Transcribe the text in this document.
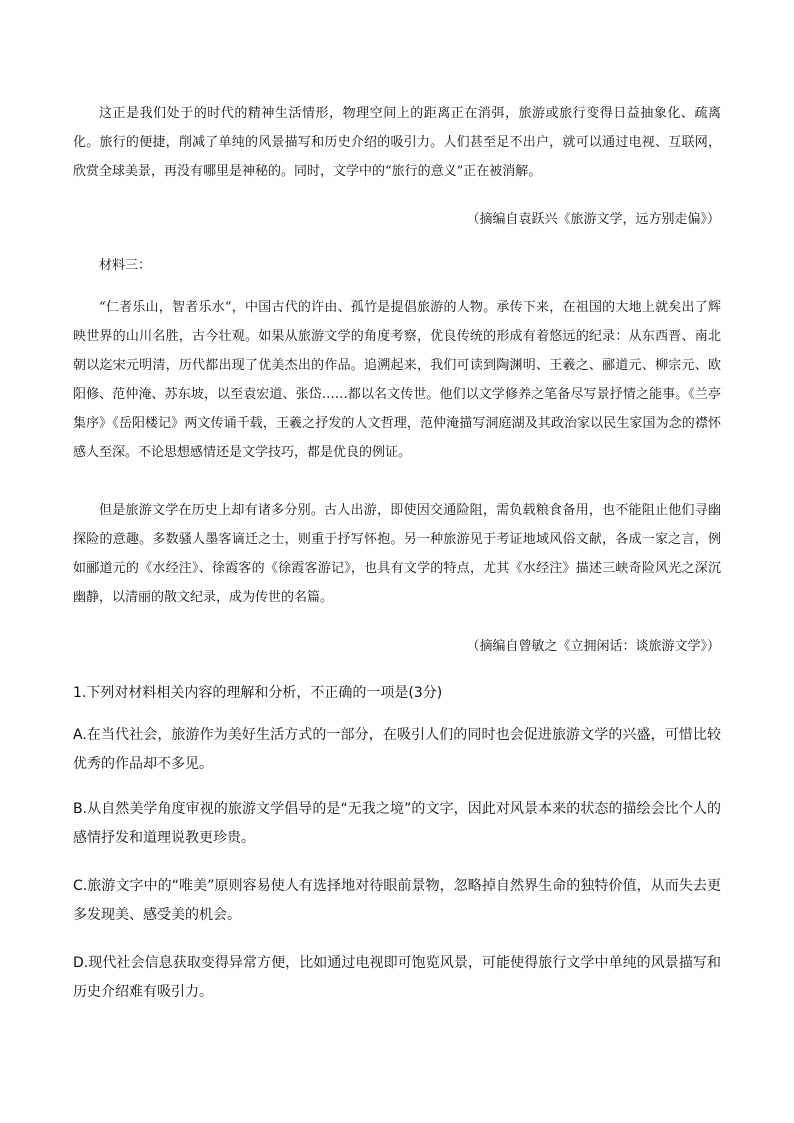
这正是我们处于的时代的精神生活情形，物理空间上的距离正在消弭，旅游或旅行变得日益抽象化、疏离化。旅行的便捷，削减了单纯的风景描写和历史介绍的吸引力。人们甚至足不出户，就可以通过电视、互联网，欣赏全球美景，再没有哪里是神秘的。同时，文学中的“旅行的意义”正在被消解。

（摘编自袁跃兴《旅游文学，远方别走偏》）

材料三：

“仁者乐山，智者乐水”，中国古代的许由、孤竹是提倡旅游的人物。承传下来，在祖国的大地上就矣出了辉映世界的山川名胜，古今壮观。如果从旅游文学的角度考察，优良传统的形成有着悠远的纪录：从东西晋、南北朝以迄宋元明清，历代都出现了优美杰出的作品。追溯起来，我们可读到陶渊明、王羲之、郦道元、柳宗元、欧阳修、范仲淹、苏东坡，以至袁宏道、张岱……都以名文传世。他们以文学修养之笔备尽写景抒情之能事。《兰亭集序》《岳阳楼记》两文传诵千载，王羲之抒发的人文哲理，范仲淹描写洞庭湖及其政治家以民生家国为念的襟怀感人至深。不论思想感情还是文学技巧，都是优良的例证。

但是旅游文学在历史上却有诸多分别。古人出游，即使因交通险阻，需负载粮食备用，也不能阻止他们寻幽探险的意趣。多数骚人墨客谪迁之士，则重于抒写怀抱。另一种旅游见于考证地域风俗文献，各成一家之言，例如郦道元的《水经注》、徐霞客的《徐霞客游记》，也具有文学的特点，尤其《水经注》描述三峡奇险风光之深沉幽静，以清丽的散文纪录，成为传世的名篇。

（摘编自曾敏之《立拥闲话：谈旅游文学》）

1.下列对材料相关内容的理解和分析，不正确的一项是(3分)

A.在当代社会，旅游作为美好生活方式的一部分，在吸引人们的同时也会促进旅游文学的兴盛，可惜比较优秀的作品却不多见。

B.从自然美学角度审视的旅游文学倡导的是“无我之境”的文字，因此对风景本来的状态的描绘会比个人的感情抒发和道理说教更珍贵。

C.旅游文字中的“唯美”原则容易使人有选择地对待眼前景物，忽略掉自然界生命的独特价值，从而失去更多发现美、感受美的机会。

D.现代社会信息获取变得异常方便，比如通过电视即可饱览风景，可能使得旅行文学中单纯的风景描写和历史介绍难有吸引力。
